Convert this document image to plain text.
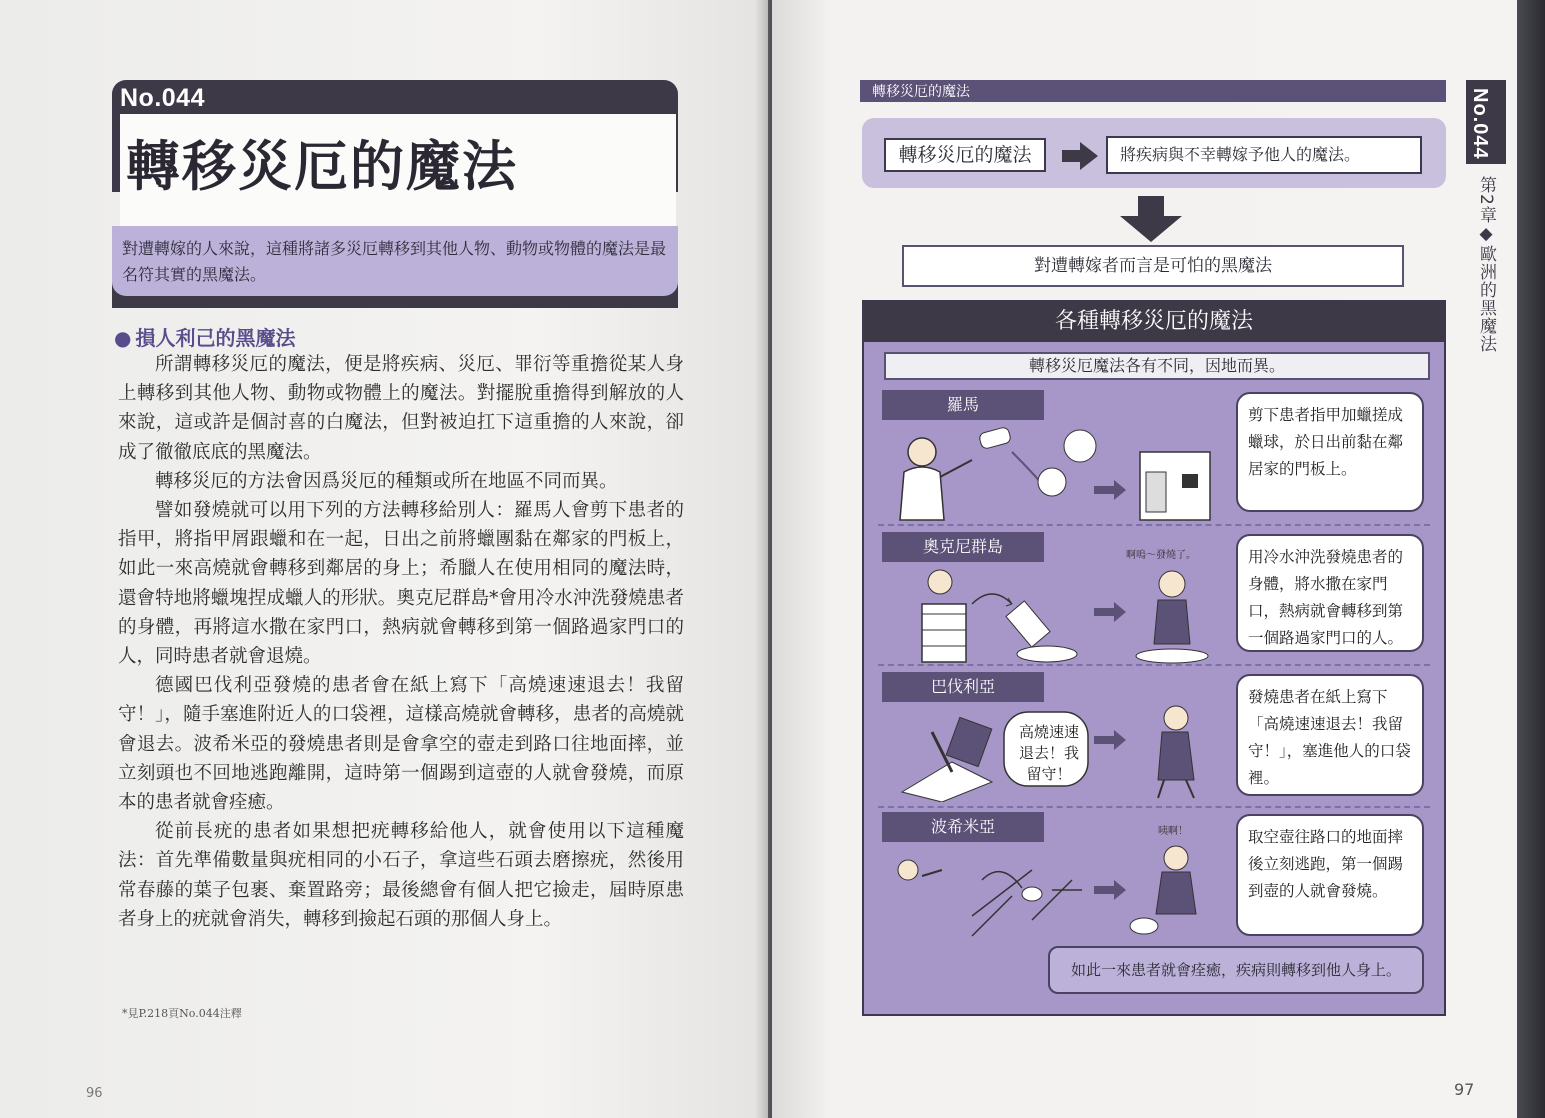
No.044
轉移災厄的魔法
對遭轉嫁的人來說，這種將諸多災厄轉移到其他人物、動物或物體的魔法是最名符其實的黑魔法。
● 損人利己的黑魔法

所謂轉移災厄的魔法，便是將疾病、災厄、罪衍等重擔從某人身上轉移到其他人物、動物或物體上的魔法。對擺脫重擔得到解放的人來說，這或許是個討喜的白魔法，但對被迫扛下這重擔的人來說，卻成了徹徹底底的黑魔法。

轉移災厄的方法會因爲災厄的種類或所在地區不同而異。

譬如發燒就可以用下列的方法轉移給別人：羅馬人會剪下患者的指甲，將指甲屑跟蠟和在一起，日出之前將蠟團黏在鄰家的門板上，如此一來高燒就會轉移到鄰居的身上；希臘人在使用相同的魔法時，還會特地將蠟塊捏成蠟人的形狀。奧克尼群島*會用冷水沖洗發燒患者的身體，再將這水撒在家門口，熱病就會轉移到第一個路過家門口的人，同時患者就會退燒。

德國巴伐利亞發燒的患者會在紙上寫下「高燒速速退去！我留守！」，隨手塞進附近人的口袋裡，這樣高燒就會轉移，患者的高燒就會退去。波希米亞的發燒患者則是會拿空的壺走到路口往地面摔，並立刻頭也不回地逃跑離開，這時第一個踢到這壺的人就會發燒，而原本的患者就會痊癒。

從前長疣的患者如果想把疣轉移給他人，就會使用以下這種魔法：首先準備數量與疣相同的小石子，拿這些石頭去磨擦疣，然後用常春藤的葉子包裹、棄置路旁；最後總會有個人把它撿走，屆時原患者身上的疣就會消失，轉移到撿起石頭的那個人身上。

*見P.218頁No.044注釋
96
轉移災厄的魔法
轉移災厄的魔法	將疾病與不幸轉嫁予他人的魔法。
對遭轉嫁者而言是可怕的黑魔法
各種轉移災厄的魔法
轉移災厄魔法各有不同，因地而異。
羅馬
剪下患者指甲加蠟搓成蠟球，於日出前黏在鄰居家的門板上。
奧克尼群島	啊嗚～發燒了。	用冷水沖洗發燒患者的身體，將水撒在家門口，熱病就會轉移到第一個路過家門口的人。
巴伐利亞
高燒速速退去！我留守！
發燒患者在紙上寫下「高燒速速退去！我留守！」，塞進他人的口袋裡。
波希米亞	咦啊！	取空壺往路口的地面摔後立刻逃跑，第一個踢到壺的人就會發燒。
如此一來患者就會痊癒，疾病則轉移到他人身上。
No.044
第2章◆歐洲的黑魔法
97
